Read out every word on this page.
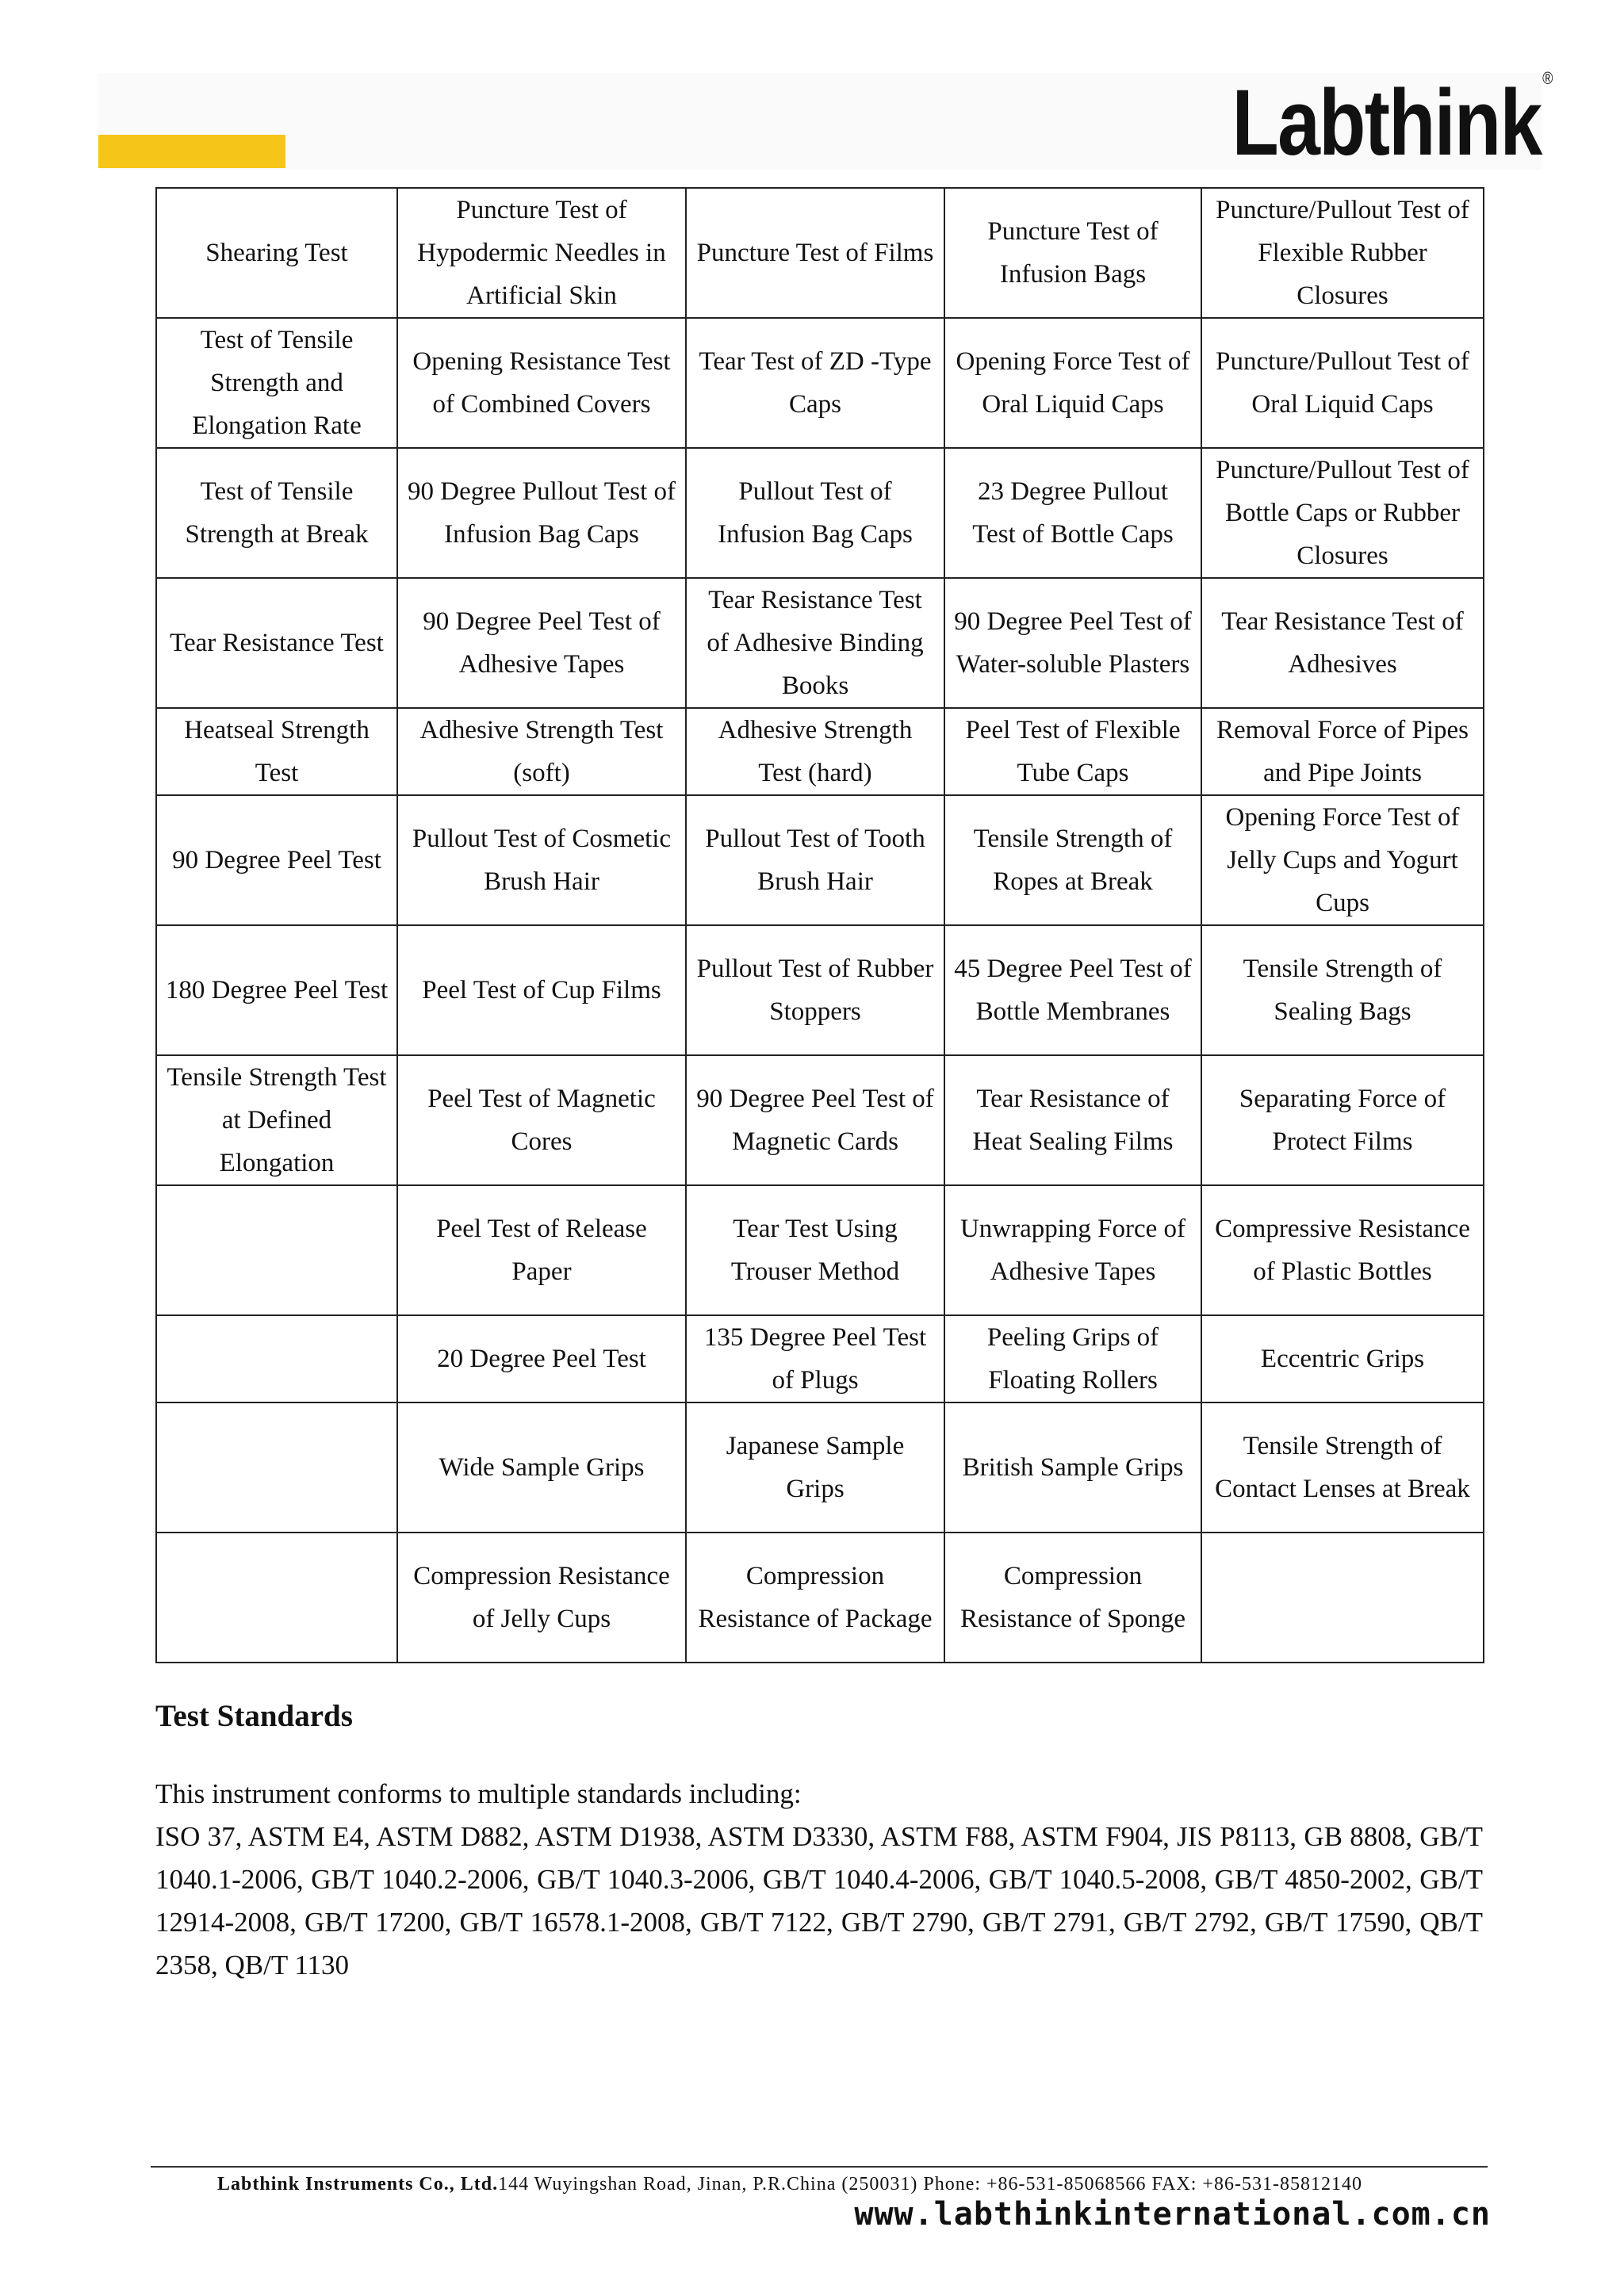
Labthink ®
Shearing Test	Puncture Test of Hypodermic Needles in Artificial Skin	Puncture Test of Films	Puncture Test of Infusion Bags	Puncture/Pullout Test of Flexible Rubber Closures
Test of Tensile Strength and Elongation Rate	Opening Resistance Test of Combined Covers	Tear Test of ZD -Type Caps	Opening Force Test of Oral Liquid Caps	Puncture/Pullout Test of Oral Liquid Caps
Test of Tensile Strength at Break	90 Degree Pullout Test of Infusion Bag Caps	Pullout Test of Infusion Bag Caps	23 Degree Pullout Test of Bottle Caps	Puncture/Pullout Test of Bottle Caps or Rubber Closures
Tear Resistance Test	90 Degree Peel Test of Adhesive Tapes	Tear Resistance Test of Adhesive Binding Books	90 Degree Peel Test of Water-soluble Plasters	Tear Resistance Test of Adhesives
Heatseal Strength Test	Adhesive Strength Test (soft)	Adhesive Strength Test (hard)	Peel Test of Flexible Tube Caps	Removal Force of Pipes and Pipe Joints
90 Degree Peel Test	Pullout Test of Cosmetic Brush Hair	Pullout Test of Tooth Brush Hair	Tensile Strength of Ropes at Break	Opening Force Test of Jelly Cups and Yogurt Cups
180 Degree Peel Test	Peel Test of Cup Films	Pullout Test of Rubber Stoppers	45 Degree Peel Test of Bottle Membranes	Tensile Strength of Sealing Bags
Tensile Strength Test at Defined Elongation	Peel Test of Magnetic Cores	90 Degree Peel Test of Magnetic Cards	Tear Resistance of Heat Sealing Films	Separating Force of Protect Films
	Peel Test of Release Paper	Tear Test Using Trouser Method	Unwrapping Force of Adhesive Tapes	Compressive Resistance of Plastic Bottles
	20 Degree Peel Test	135 Degree Peel Test of Plugs	Peeling Grips of Floating Rollers	Eccentric Grips
	Wide Sample Grips	Japanese Sample Grips	British Sample Grips	Tensile Strength of Contact Lenses at Break
	Compression Resistance of Jelly Cups	Compression Resistance of Package	Compression Resistance of Sponge	
Test Standards

This instrument conforms to multiple standards including:

ISO 37, ASTM E4, ASTM D882, ASTM D1938, ASTM D3330, ASTM F88, ASTM F904, JIS P8113, GB 8808, GB/T 1040.1-2006, GB/T 1040.2-2006, GB/T 1040.3-2006, GB/T 1040.4-2006, GB/T 1040.5-2008, GB/T 4850-2002, GB/T 12914-2008, GB/T 17200, GB/T 16578.1-2008, GB/T 7122, GB/T 2790, GB/T 2791, GB/T 2792, GB/T 17590, QB/T 2358, QB/T 1130

Labthink Instruments Co., Ltd.144 Wuyingshan Road, Jinan, P.R.China (250031) Phone: +86-531-85068566 FAX: +86-531-85812140
www.labthinkinternational.com.cn
